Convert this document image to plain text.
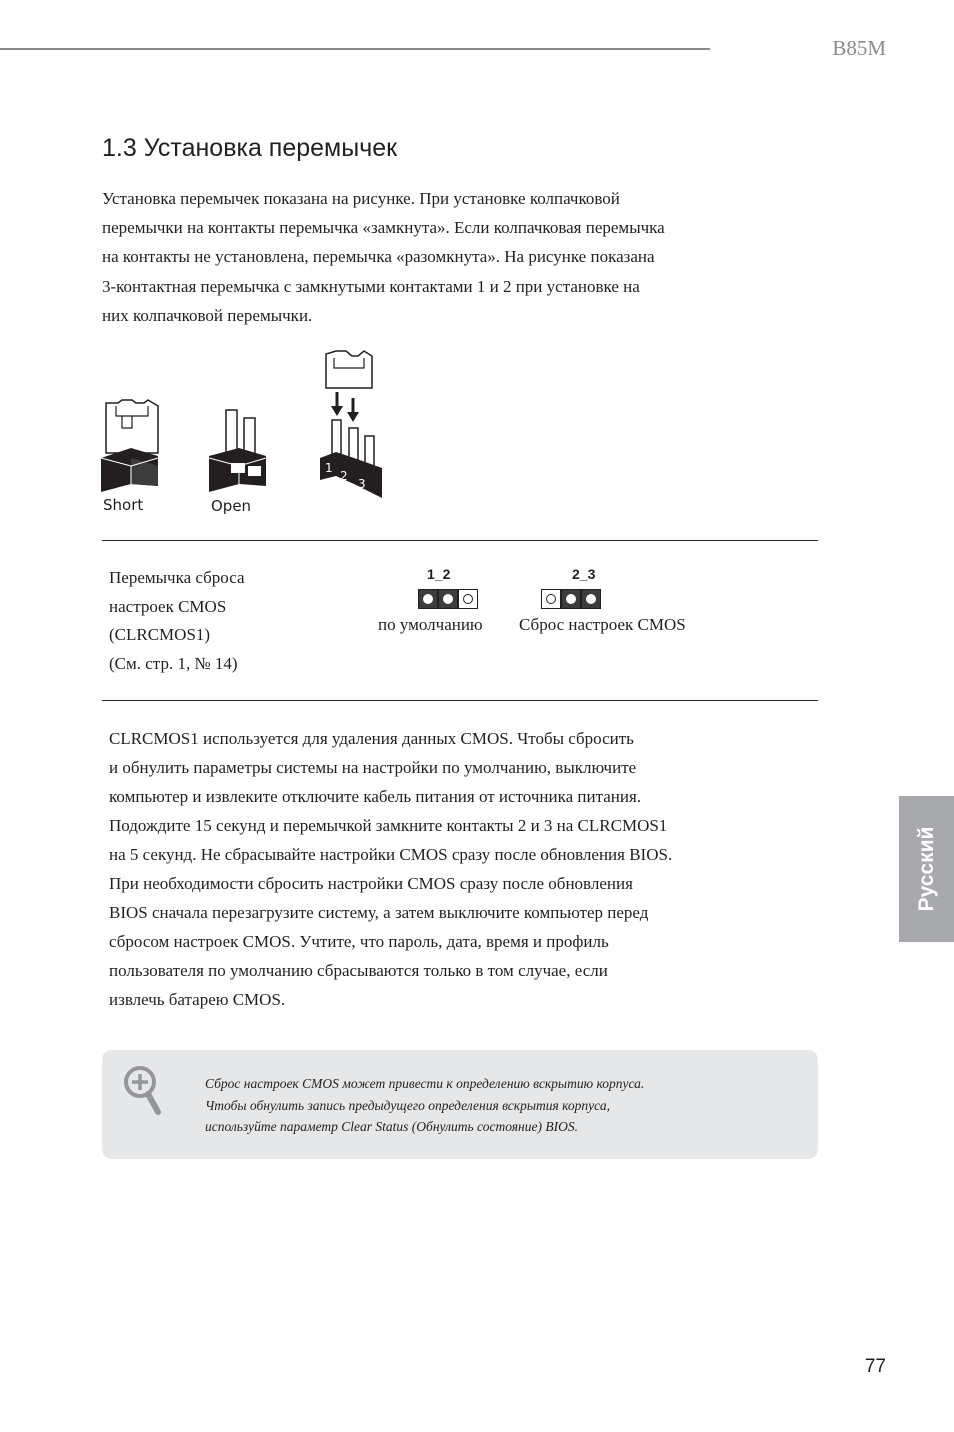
B85M
1.3 Установка перемычек

Установка перемычек показана на рисунке. При установке колпачковой

перемычки на контакты перемычка «замкнута». Если колпачковая перемычка

на контакты не установлена, перемычка «разомкнута». На рисунке показана

3-контактная перемычка с замкнутыми контактами 1 и 2 при установке на

них колпачковой перемычки.

1
2
3
Short	Open
Перемычка сброса
настроек CMOS
(CLRCMOS1)
(См. стр. 1, № 14)
1_2
по умолчанию
2_3
Сброс настроек CMOS

CLRCMOS1 используется для удаления данных CMOS. Чтобы сбросить

и обнулить параметры системы на настройки по умолчанию, выключите

компьютер и извлеките отключите кабель питания от источника питания.

Подождите 15 секунд и перемычкой замкните контакты 2 и 3 на CLRCMOS1

на 5 секунд. Не сбрасывайте настройки CMOS сразу после обновления BIOS.

При необходимости сбросить настройки CMOS сразу после обновления

BIOS сначала перезагрузите систему, а затем выключите компьютер перед

сбросом настроек CMOS. Учтите, что пароль, дата, время и профиль

пользователя по умолчанию сбрасываются только в том случае, если

извлечь батарею CMOS.

Сброс настроек CMOS может привести к определению вскрытию корпуса.

Чтобы обнулить запись предыдущего определения вскрытия корпуса,

используйте параметр Clear Status (Обнулить состояние) BIOS.

Русский
77
